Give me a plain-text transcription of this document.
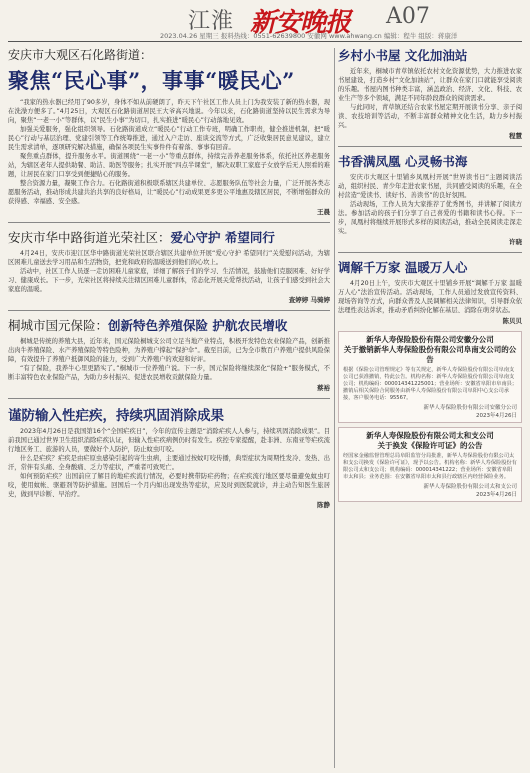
江淮 新安晚报 A07
2023.04.26 星期三 报料热线：0551-62639800 安徽网 www.ahwang.cn 编辑：程牛 组版：蒋康洋
安庆市大观区石化路街道：
聚焦“民心事”，事事“暖民心”

“我家的热水器已经用了90多岁，身体不如从前硬朗了，昨天下午社区工作人员上门为我安装了新的热水器，现在洗澡方便多了。”4月25日，大观区石化路街道居民王大爷高兴地说。今年以来，石化路街道坚持以民生需求为导向，聚焦“一老一小”等群体，以“民生小事”为切口，扎实推进“暖民心”行动落地见效。

加强关爱服务，强化组织领导。石化路街道成立“暖民心”行动工作专班，明确工作职责，健全推进机制，把“暖民心”行动与基层治理、党建引领等工作统筹推进，通过入户走访、座谈交流等方式，广泛收集居民意见建议，建立民生需求清单，逐项研究解决措施，确保各项民生实事件件有着落、事事有回音。

聚焦重点群体，提升服务水平。街道围绕“一老一小”等重点群体，持续完善养老服务体系，依托社区养老服务站，为辖区老年人提供助餐、助洁、助医等服务；扎实开展“四点半课堂”，解决双职工家庭子女放学后无人照看的难题，让居民在家门口享受到便捷贴心的服务。

整合资源力量，凝聚工作合力。石化路街道积极联系辖区共建单位、志愿服务队伍等社会力量，广泛开展各类志愿服务活动，推动形成共建共治共享的良好格局，让“暖民心”行动成果更多更公平地惠及辖区居民，不断增强群众的获得感、幸福感、安全感。

王晨
安庆市华中路街道光荣社区：爱心守护 希望同行

4月24日，安庆市迎江区华中路街道光荣社区联合辖区共建单位开展“爱心守护 希望同行”关爱慰问活动，为辖区困难儿童送去学习用品和生活物资，把党和政府的温暖送到他们的心坎上。

活动中，社区工作人员逐一走访困难儿童家庭，详细了解孩子们的学习、生活情况，鼓励他们克服困难、好好学习、健康成长。下一步，光荣社区将持续关注辖区困难儿童群体，常态化开展关爱帮扶活动，让孩子们感受到社会大家庭的温暖。

查婷婷 马骑婷
桐城市国元保险：创新特色养殖保险 护航农民增收

桐城是传统的养殖大县，近年来，国元保险桐城支公司立足当地产业特点，积极开发特色农业保险产品，创新推出肉牛养殖保险、水产养殖保险等特色险种，为养殖户撑起“保护伞”。截至目前，已为全市数百户养殖户提供风险保障，有效提升了养殖户抵御风险的能力，受到广大养殖户的欢迎和好评。

“有了保险，我养牛心里更踏实了。”桐城市一位养殖户说。下一步，国元保险将继续深化“保险+”服务模式，不断丰富特色农业保险产品，为助力乡村振兴、促进农民增收贡献保险力量。

蔡裕
谨防输入性疟疾，持续巩固消除成果

2023年4月26日是我国第16个“全国疟疾日”，今年的宣传主题是“消除疟疾人人参与，持续巩固消除成果”。目前我国已通过世界卫生组织消除疟疾认证，但输入性疟疾病例仍时有发生。疾控专家提醒，赴非洲、东南亚等疟疾流行地区务工、旅游的人员，要做好个人防护，防止蚊虫叮咬。

什么是疟疾？疟疾是由疟原虫感染引起的寄生虫病，主要通过按蚊叮咬传播，典型症状为周期性发冷、发热、出汗，常伴有头痛、全身酸痛、乏力等症状，严重者可致死亡。

如何预防疟疾？出国前应了解目的地疟疾流行情况，必要时携带防疟药物；在疟疾流行地区要尽量避免蚊虫叮咬，使用蚊帐、驱避剂等防护措施。回国后一个月内如出现发热等症状，应及时到医院就诊，并主动告知医生旅居史，做到早诊断、早治疗。

陈静
乡村小书屋 文化加油站

近年来，桐城市青草镇依托农村文化资源优势，大力推进农家书屋建设，打造乡村“文化加油站”，让群众在家门口就能享受阅读的乐趣。书屋内图书种类丰富，涵盖政治、经济、文化、科技、农业生产等多个领域，满足不同年龄段群众的阅读需求。

与此同时，青草镇还结合农家书屋定期开展读书分享、亲子阅读、农技培训等活动，不断丰富群众精神文化生活，助力乡村振兴。

程慧
书香满凤凰 心灵畅书海

安庆市大观区十里铺乡凤凰村开展“世界读书日”主题阅读活动，组织村民、青少年走进农家书屋，共同感受阅读的乐趣，在全村营造“爱读书、读好书、善读书”的良好氛围。

活动现场，工作人员为大家推荐了优秀图书，并讲解了阅读方法。参加活动的孩子们分享了自己喜爱的书籍和读书心得。下一步，凤凰村将继续开展形式多样的阅读活动，推动全民阅读走深走实。

许晓
调解千万家 温暖万人心

4月20日上午，安庆市大观区十里铺乡开展“调解千万家 温暖万人心”法治宣传活动。活动现场，工作人员通过发放宣传资料、现场咨询等方式，向群众普及人民调解相关法律知识，引导群众依法理性表达诉求，推动矛盾纠纷化解在基层、消除在萌芽状态。

陈贝贝
新华人寿保险股份有限公司安徽分公司
关于撤销新华人寿保险股份有限公司阜南支公司的公告

根据《保险公司管理规定》等有关规定，新华人寿保险股份有限公司阜南支公司已获准撤销，特此公告。机构名称：新华人寿保险股份有限公司阜南支公司；机构编码：000014341225001；营业场所：安徽省阜阳市阜南县；撤销后相关保险合同服务由新华人寿保险股份有限公司阜阳中心支公司承接，客户服务电话：95567。

新华人寿保险股份有限公司安徽分公司
2023年4月26日
新华人寿保险股份有限公司太和支公司
关于换发《保险许可证》的公告

经国家金融监督管理总局阜阳监管分局批准，新华人寿保险股份有限公司太和支公司换发《保险许可证》，现予以公告。机构名称：新华人寿保险股份有限公司太和支公司；机构编码：000014341222；营业场所：安徽省阜阳市太和县；业务范围：在安徽省阜阳市太和县行政辖区内经营保险业务。

新华人寿保险股份有限公司太和支公司
2023年4月26日
